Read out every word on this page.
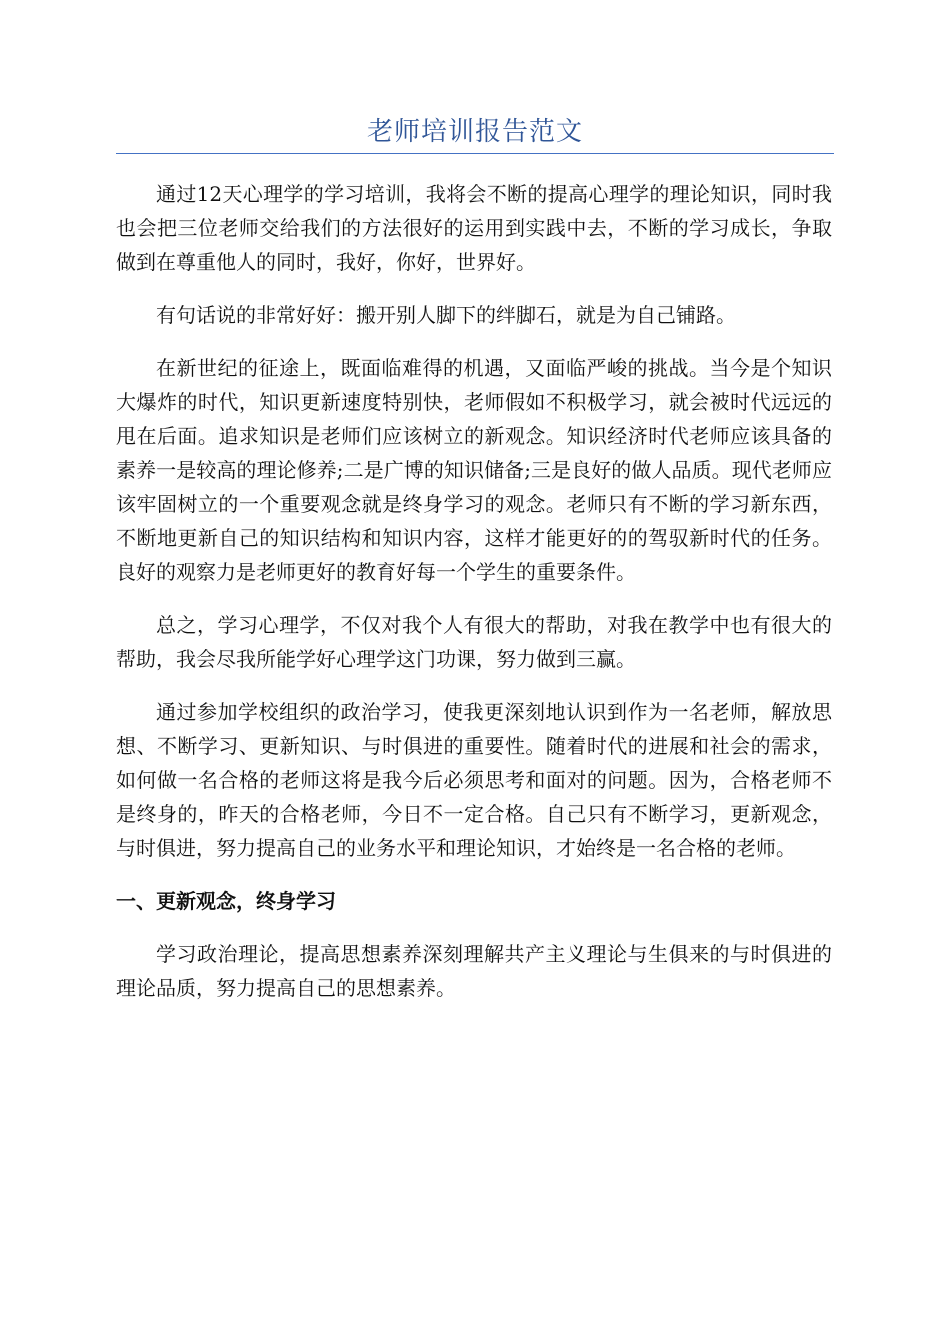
老师培训报告范文

通过12天心理学的学习培训，我将会不断的提高心理学的理论知识，同时我也会把三位老师交给我们的方法很好的运用到实践中去，不断的学习成长，争取做到在尊重他人的同时，我好，你好，世界好。

有句话说的非常好好：搬开别人脚下的绊脚石，就是为自己铺路。

在新世纪的征途上，既面临难得的机遇，又面临严峻的挑战。当今是个知识大爆炸的时代，知识更新速度特别快，老师假如不积极学习，就会被时代远远的甩在后面。追求知识是老师们应该树立的新观念。知识经济时代老师应该具备的素养一是较高的理论修养;二是广博的知识储备;三是良好的做人品质。现代老师应该牢固树立的一个重要观念就是终身学习的观念。老师只有不断的学习新东西，不断地更新自己的知识结构和知识内容，这样才能更好的的驾驭新时代的任务。良好的观察力是老师更好的教育好每一个学生的重要条件。

总之，学习心理学，不仅对我个人有很大的帮助，对我在教学中也有很大的帮助，我会尽我所能学好心理学这门功课，努力做到三赢。

通过参加学校组织的政治学习，使我更深刻地认识到作为一名老师，解放思想、不断学习、更新知识、与时俱进的重要性。随着时代的进展和社会的需求，如何做一名合格的老师这将是我今后必须思考和面对的问题。因为，合格老师不是终身的，昨天的合格老师，今日不一定合格。自己只有不断学习，更新观念，与时俱进，努力提高自己的业务水平和理论知识，才始终是一名合格的老师。

一、更新观念，终身学习

学习政治理论，提高思想素养深刻理解共产主义理论与生俱来的与时俱进的理论品质，努力提高自己的思想素养。
